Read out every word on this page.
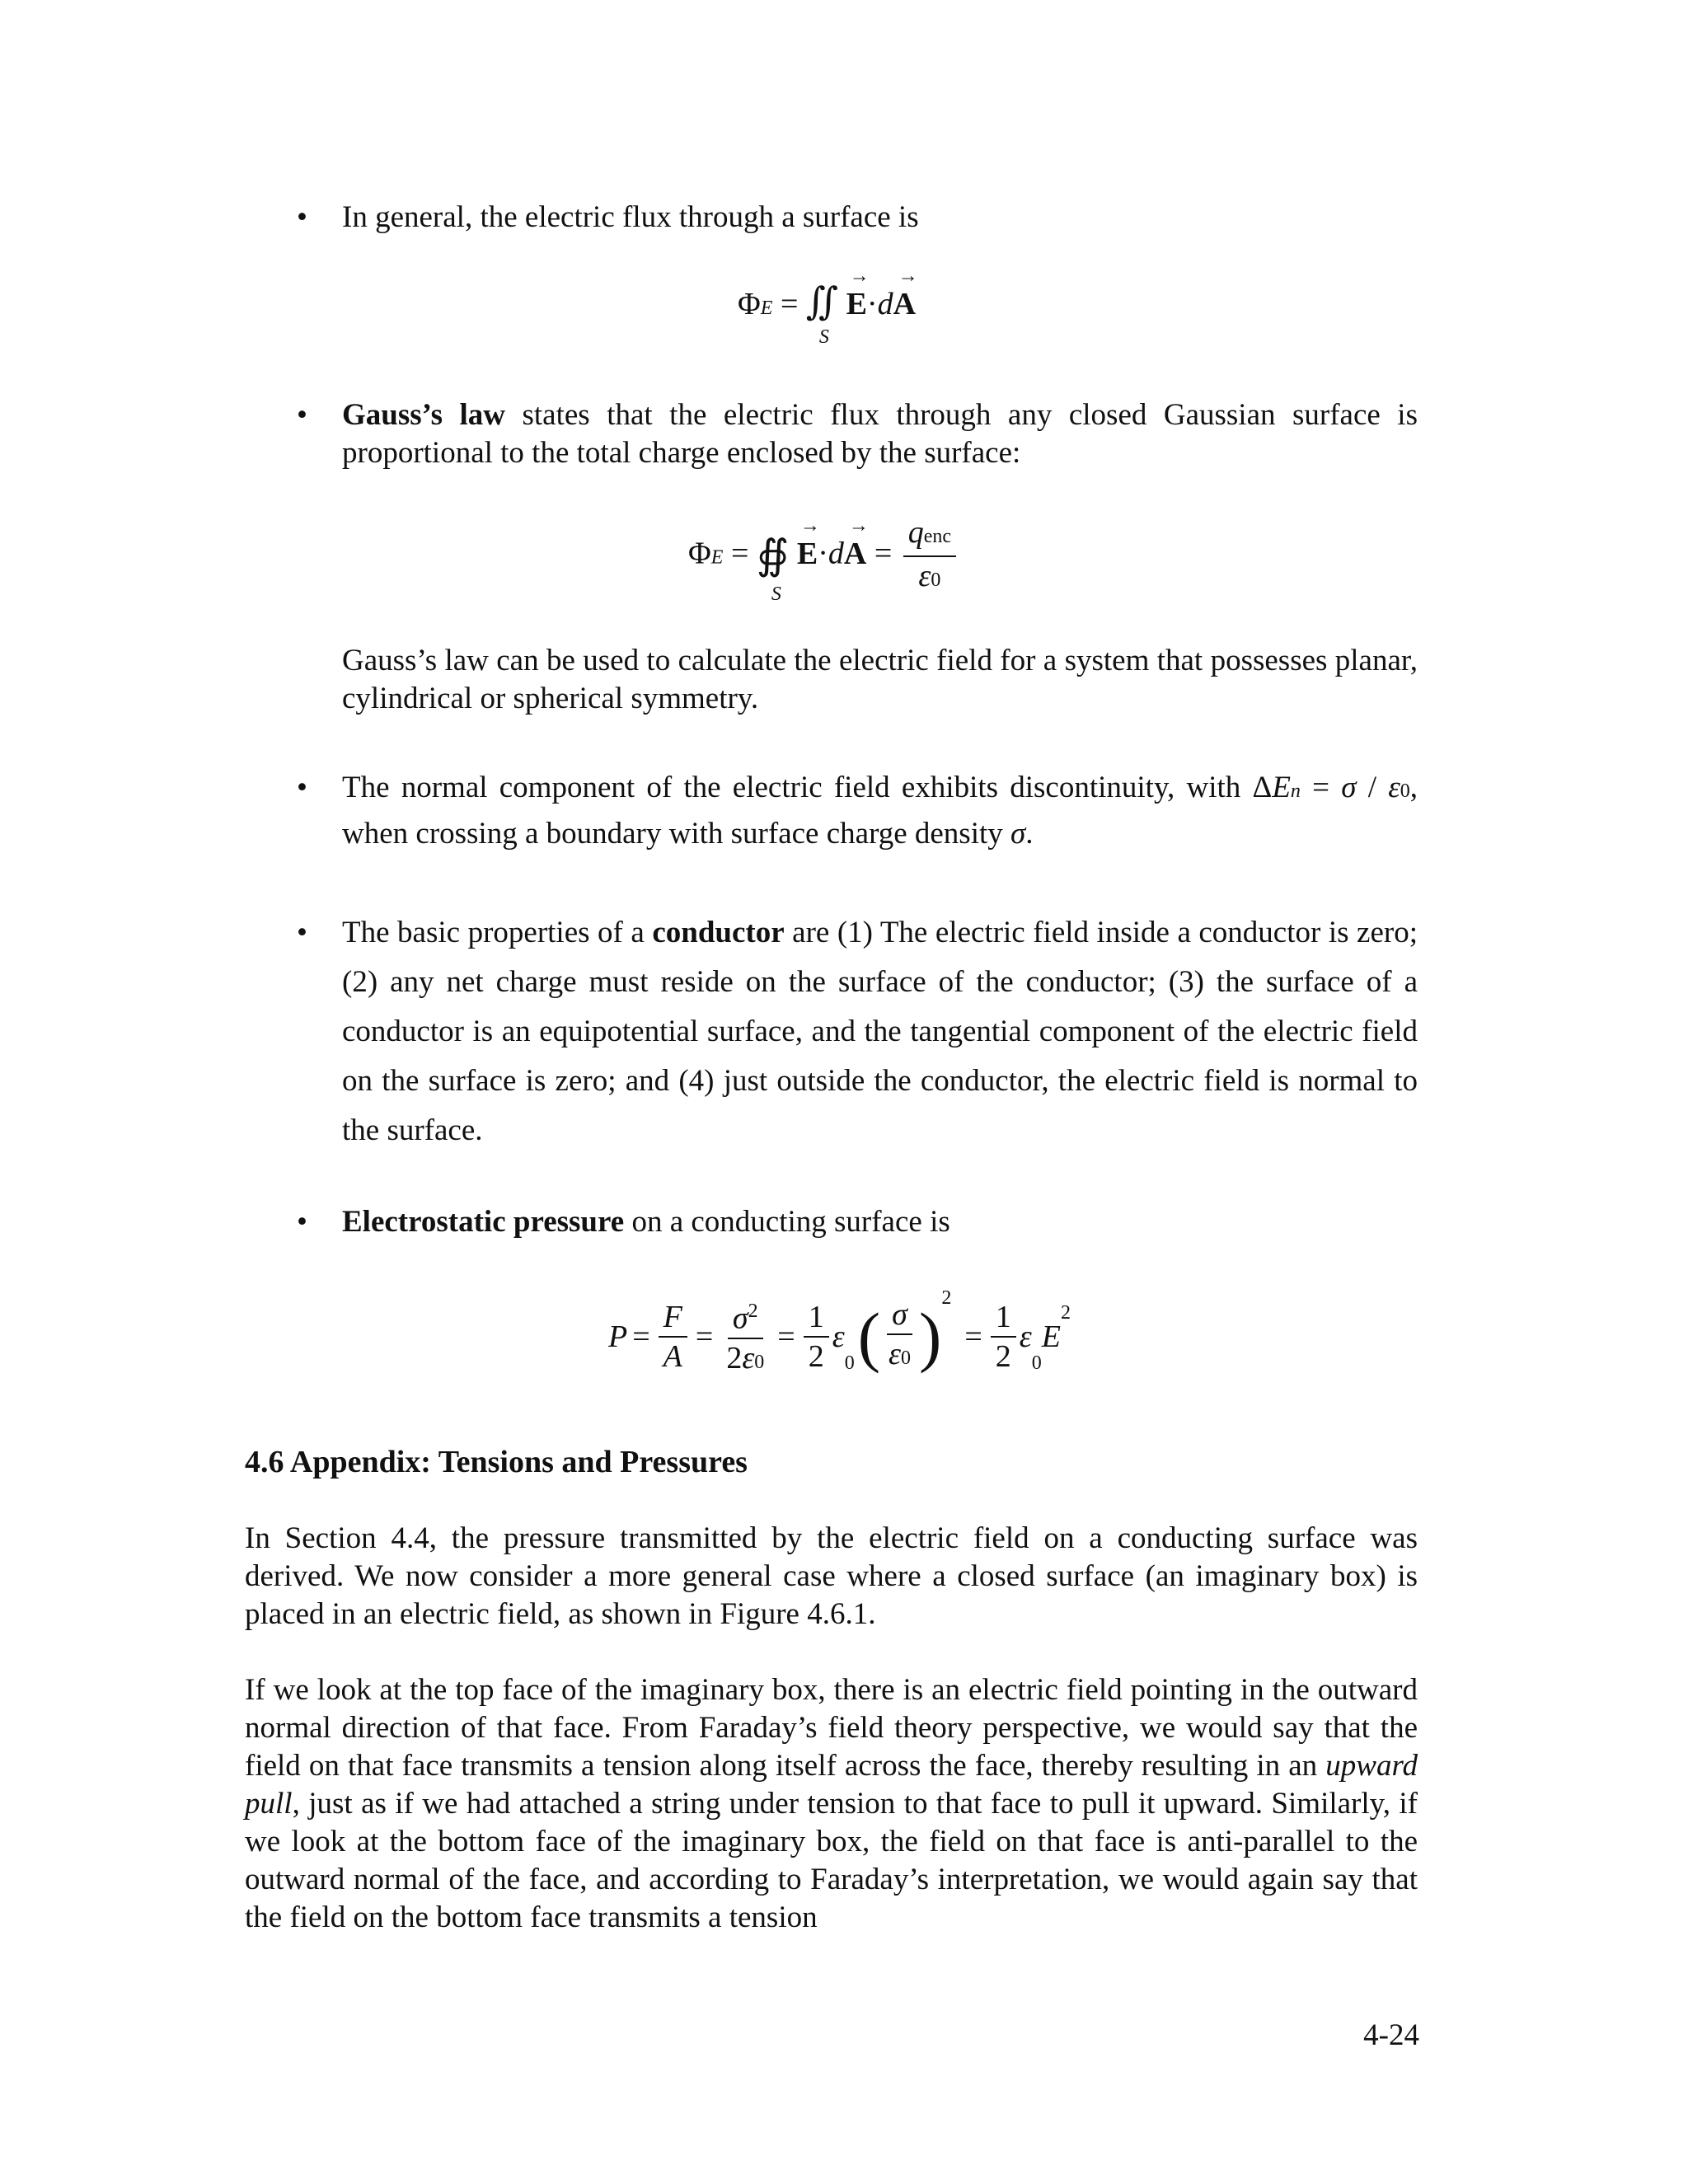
• In general, the electric flux through a surface is
ΦE = ∬
S

→
E·d
→
A
• Gauss’s law states that the electric flux through any closed Gaussian surface is proportional to the total charge enclosed by the surface:
ΦE = ∯
S

→
E·d
→
$A = \frac{\text{qenc}}{\varepsilon 0}$
Gauss’s law can be used to calculate the electric field for a system that possesses planar, cylindrical or spherical symmetry.
• The normal component of the electric field exhibits discontinuity, with ΔEn = σ / ε0, when crossing a boundary with surface charge density σ.
• The basic properties of a conductor are (1) The electric field inside a conductor is zero; (2) any net charge must reside on the surface of the conductor; (3) the surface of a conductor is an equipotential surface, and the tangential component of the electric field on the surface is zero; and (4) just outside the conductor, the electric field is normal to the surface.
• Electrostatic pressure on a conducting surface is
$P = \frac{F}{A} = \frac{\sigma^2}{2\varepsilon 0} = \frac{1}{2}$ ε
0 ( $\frac{\sigma}{\varepsilon 0}$ )
2
= $\frac{1}{2}$ ε
0
E
2
4.6 Appendix: Tensions and Pressures
In Section 4.4, the pressure transmitted by the electric field on a conducting surface was derived. We now consider a more general case where a closed surface (an imaginary box) is placed in an electric field, as shown in Figure 4.6.1.
If we look at the top face of the imaginary box, there is an electric field pointing in the outward normal direction of that face. From Faraday’s field theory perspective, we would say that the field on that face transmits a tension along itself across the face, thereby resulting in an upward pull, just as if we had attached a string under tension to that face to pull it upward. Similarly, if we look at the bottom face of the imaginary box, the field on that face is anti-parallel to the outward normal of the face, and according to Faraday’s interpretation, we would again say that the field on the bottom face transmits a tension
4-24
